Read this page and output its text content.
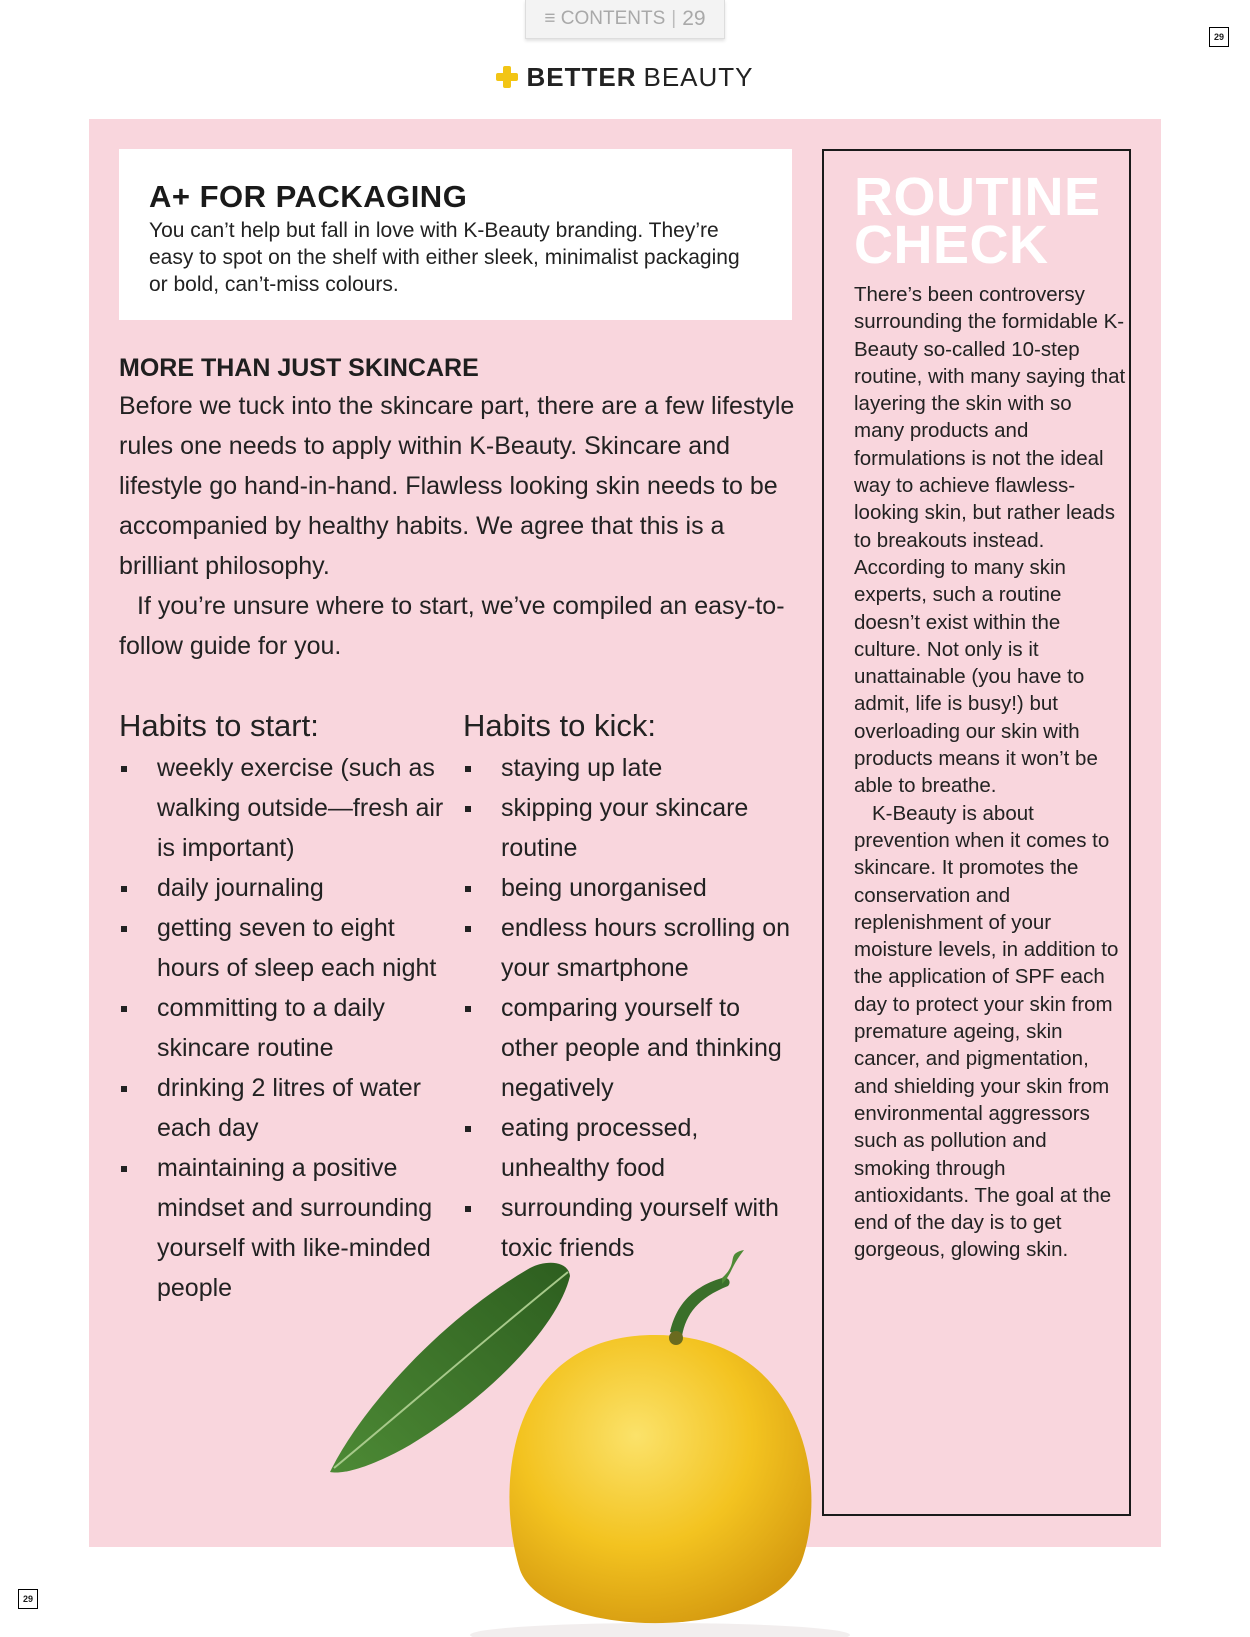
≡ CONTENTS | 29
29
29
BETTER BEAUTY
A+ FOR PACKAGING
You can’t help but fall in love with K-Beauty branding. They’re easy to spot on the shelf with either sleek, minimalist packaging or bold, can’t-miss colours.
MORE THAN JUST SKINCARE

Before we tuck into the skincare part, there are a few lifestyle rules one needs to apply within K-Beauty. Skincare and lifestyle go hand-in-hand. Flawless looking skin needs to be accompanied by healthy habits. We agree that this is a brilliant philosophy.

If you’re unsure where to start, we’ve compiled an easy-to-follow guide for you.

Habits to start:
weekly exercise (such as walking outside—fresh air is important)
daily journaling
getting seven to eight hours of sleep each night
committing to a daily skincare routine
drinking 2 litres of water each day
maintaining a positive mindset and surrounding yourself with like-minded people
Habits to kick:
staying up late
skipping your skincare routine
being unorganised
endless hours scrolling on your smartphone
comparing yourself to other people and thinking negatively
eating processed, unhealthy food
surrounding yourself with toxic friends
ROUTINE
CHECK
There’s been controversy surrounding the formidable K-Beauty so-called 10-step routine, with many saying that layering the skin with so many products and formulations is not the ideal way to achieve flawless-looking skin, but rather leads to breakouts instead. According to many skin experts, such a routine doesn’t exist within the culture. Not only is it unattainable (you have to admit, life is busy!) but overloading our skin with products means it won’t be able to breathe.
K-Beauty is about prevention when it comes to skincare. It promotes the conservation and replenishment of your moisture levels, in addition to the application of SPF each day to protect your skin from premature ageing, skin cancer, and pigmentation, and shielding your skin from environmental aggressors such as pollution and smoking through antioxidants. The goal at the end of the day is to get gorgeous, glowing skin.
